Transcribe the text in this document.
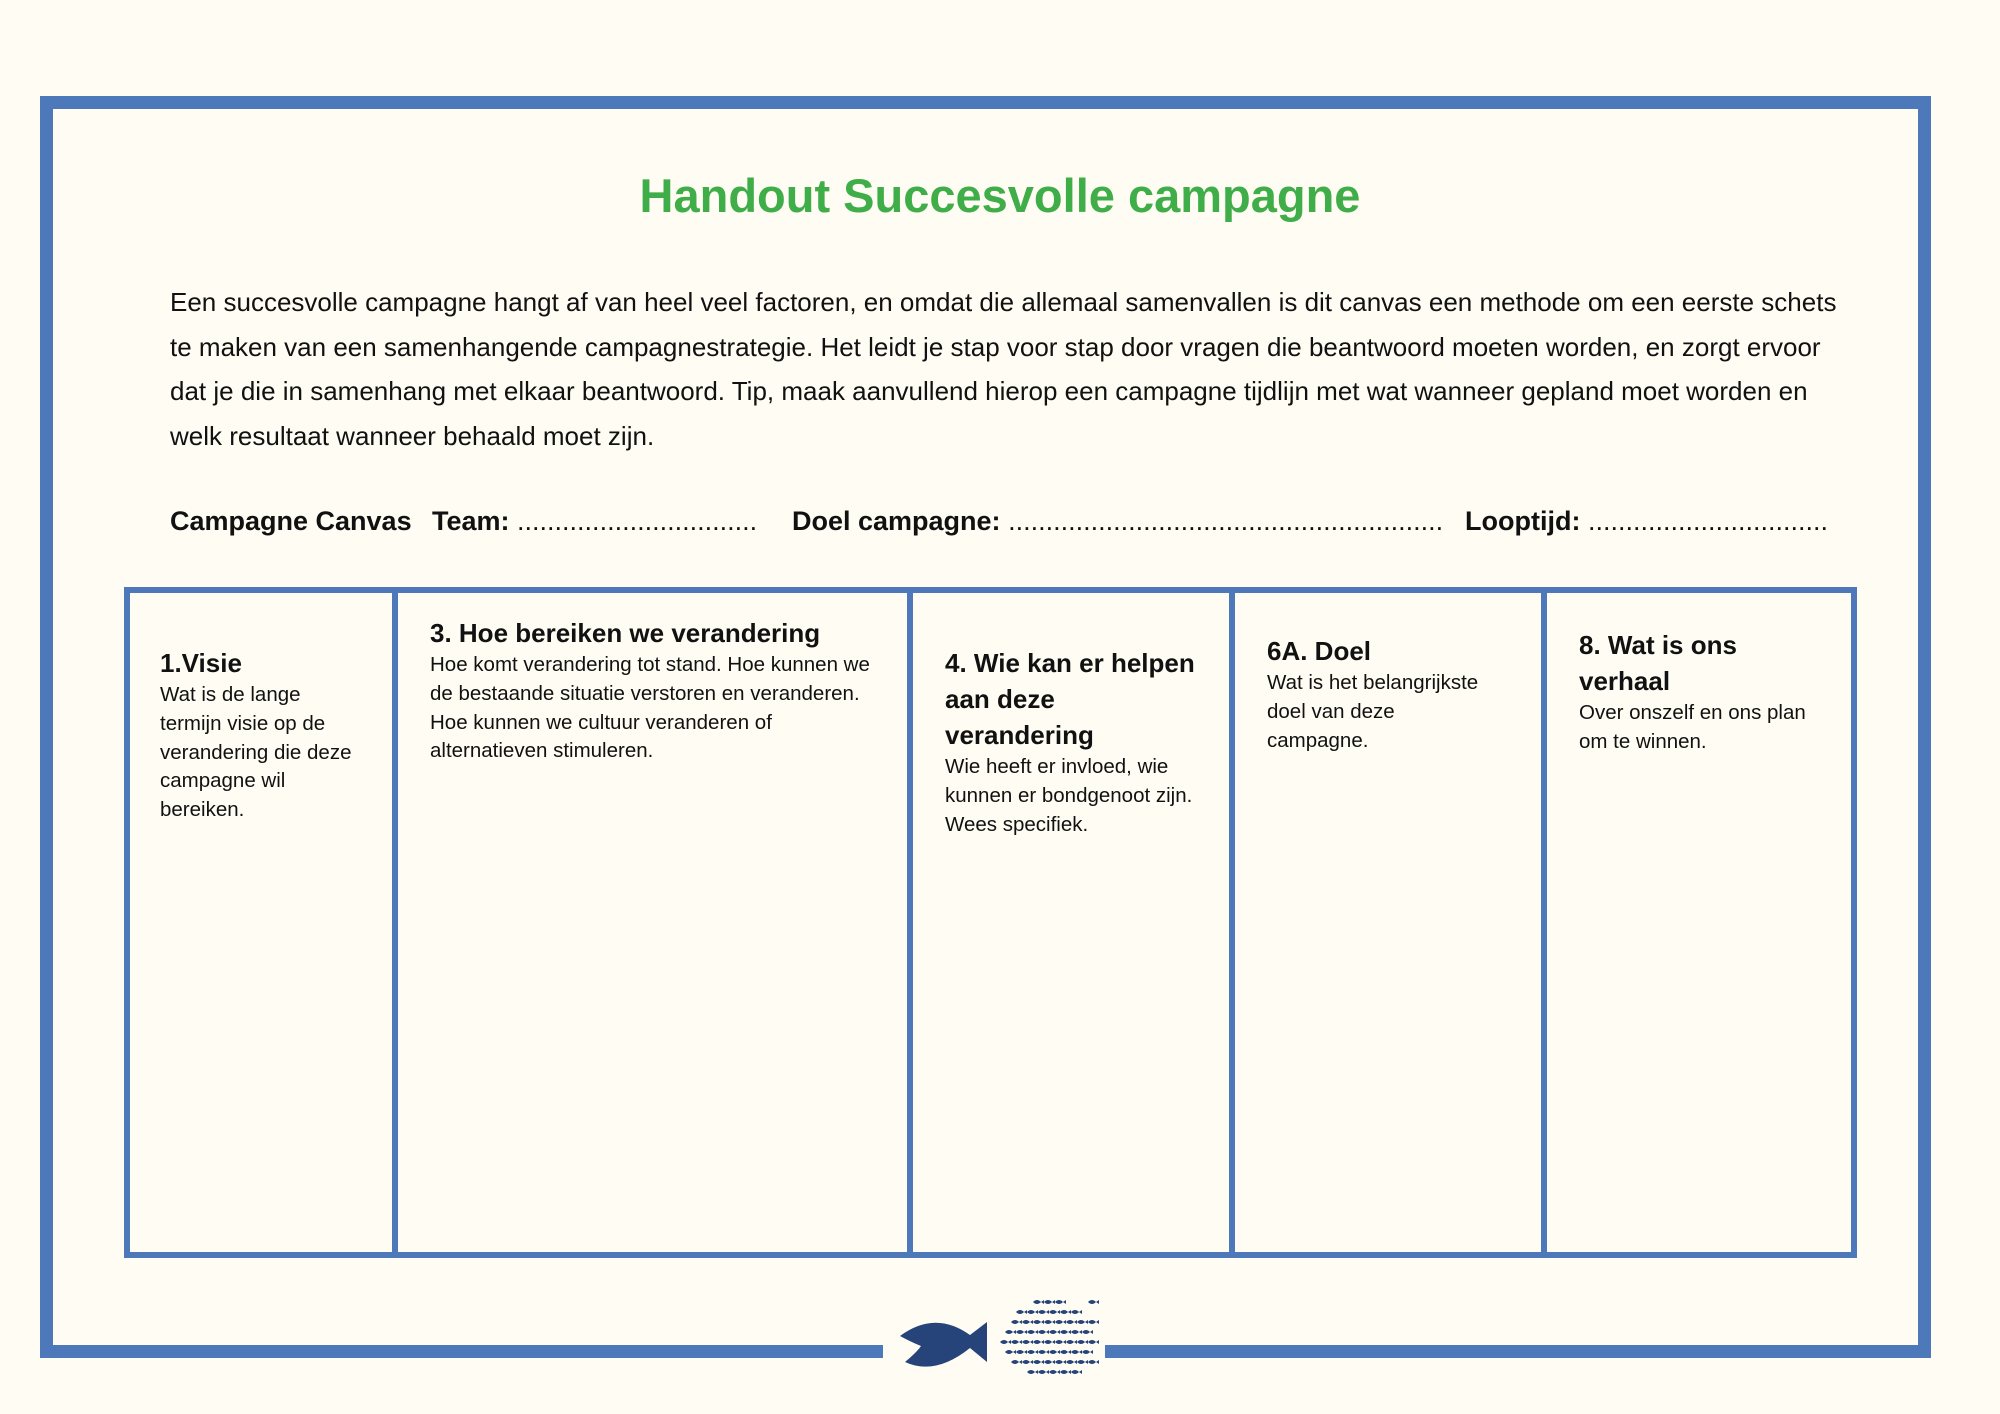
Handout Succesvolle campagne

Een succesvolle campagne hangt af van heel veel factoren, en omdat die allemaal samenvallen is dit canvas een methode om een eerste schets te maken van een samenhangende campagnestrategie. Het leidt je stap voor stap door vragen die beantwoord moeten worden, en zorgt ervoor dat je die in samenhang met elkaar beantwoord. Tip, maak aanvullend hierop een campagne tijdlijn met wat wanneer gepland moet worden en welk resultaat wanneer behaald moet zijn.

Campagne Canvas Team: ................................ Doel campagne: .......................................................... Looptijd: ................................
1.Visie

Wat is de lange termijn visie op de verandering die deze campagne wil bereiken.

3. Hoe bereiken we verandering

Hoe komt verandering tot stand. Hoe kunnen we de bestaande situatie verstoren en veranderen. Hoe kunnen we cultuur veranderen of alternatieven stimuleren.

4. Wie kan er helpen aan deze verandering

Wie heeft er invloed, wie kunnen er bondgenoot zijn. Wees specifiek.

6A. Doel

Wat is het belangrijkste doel van deze campagne.

8. Wat is ons verhaal

Over onszelf en ons plan om te winnen.
